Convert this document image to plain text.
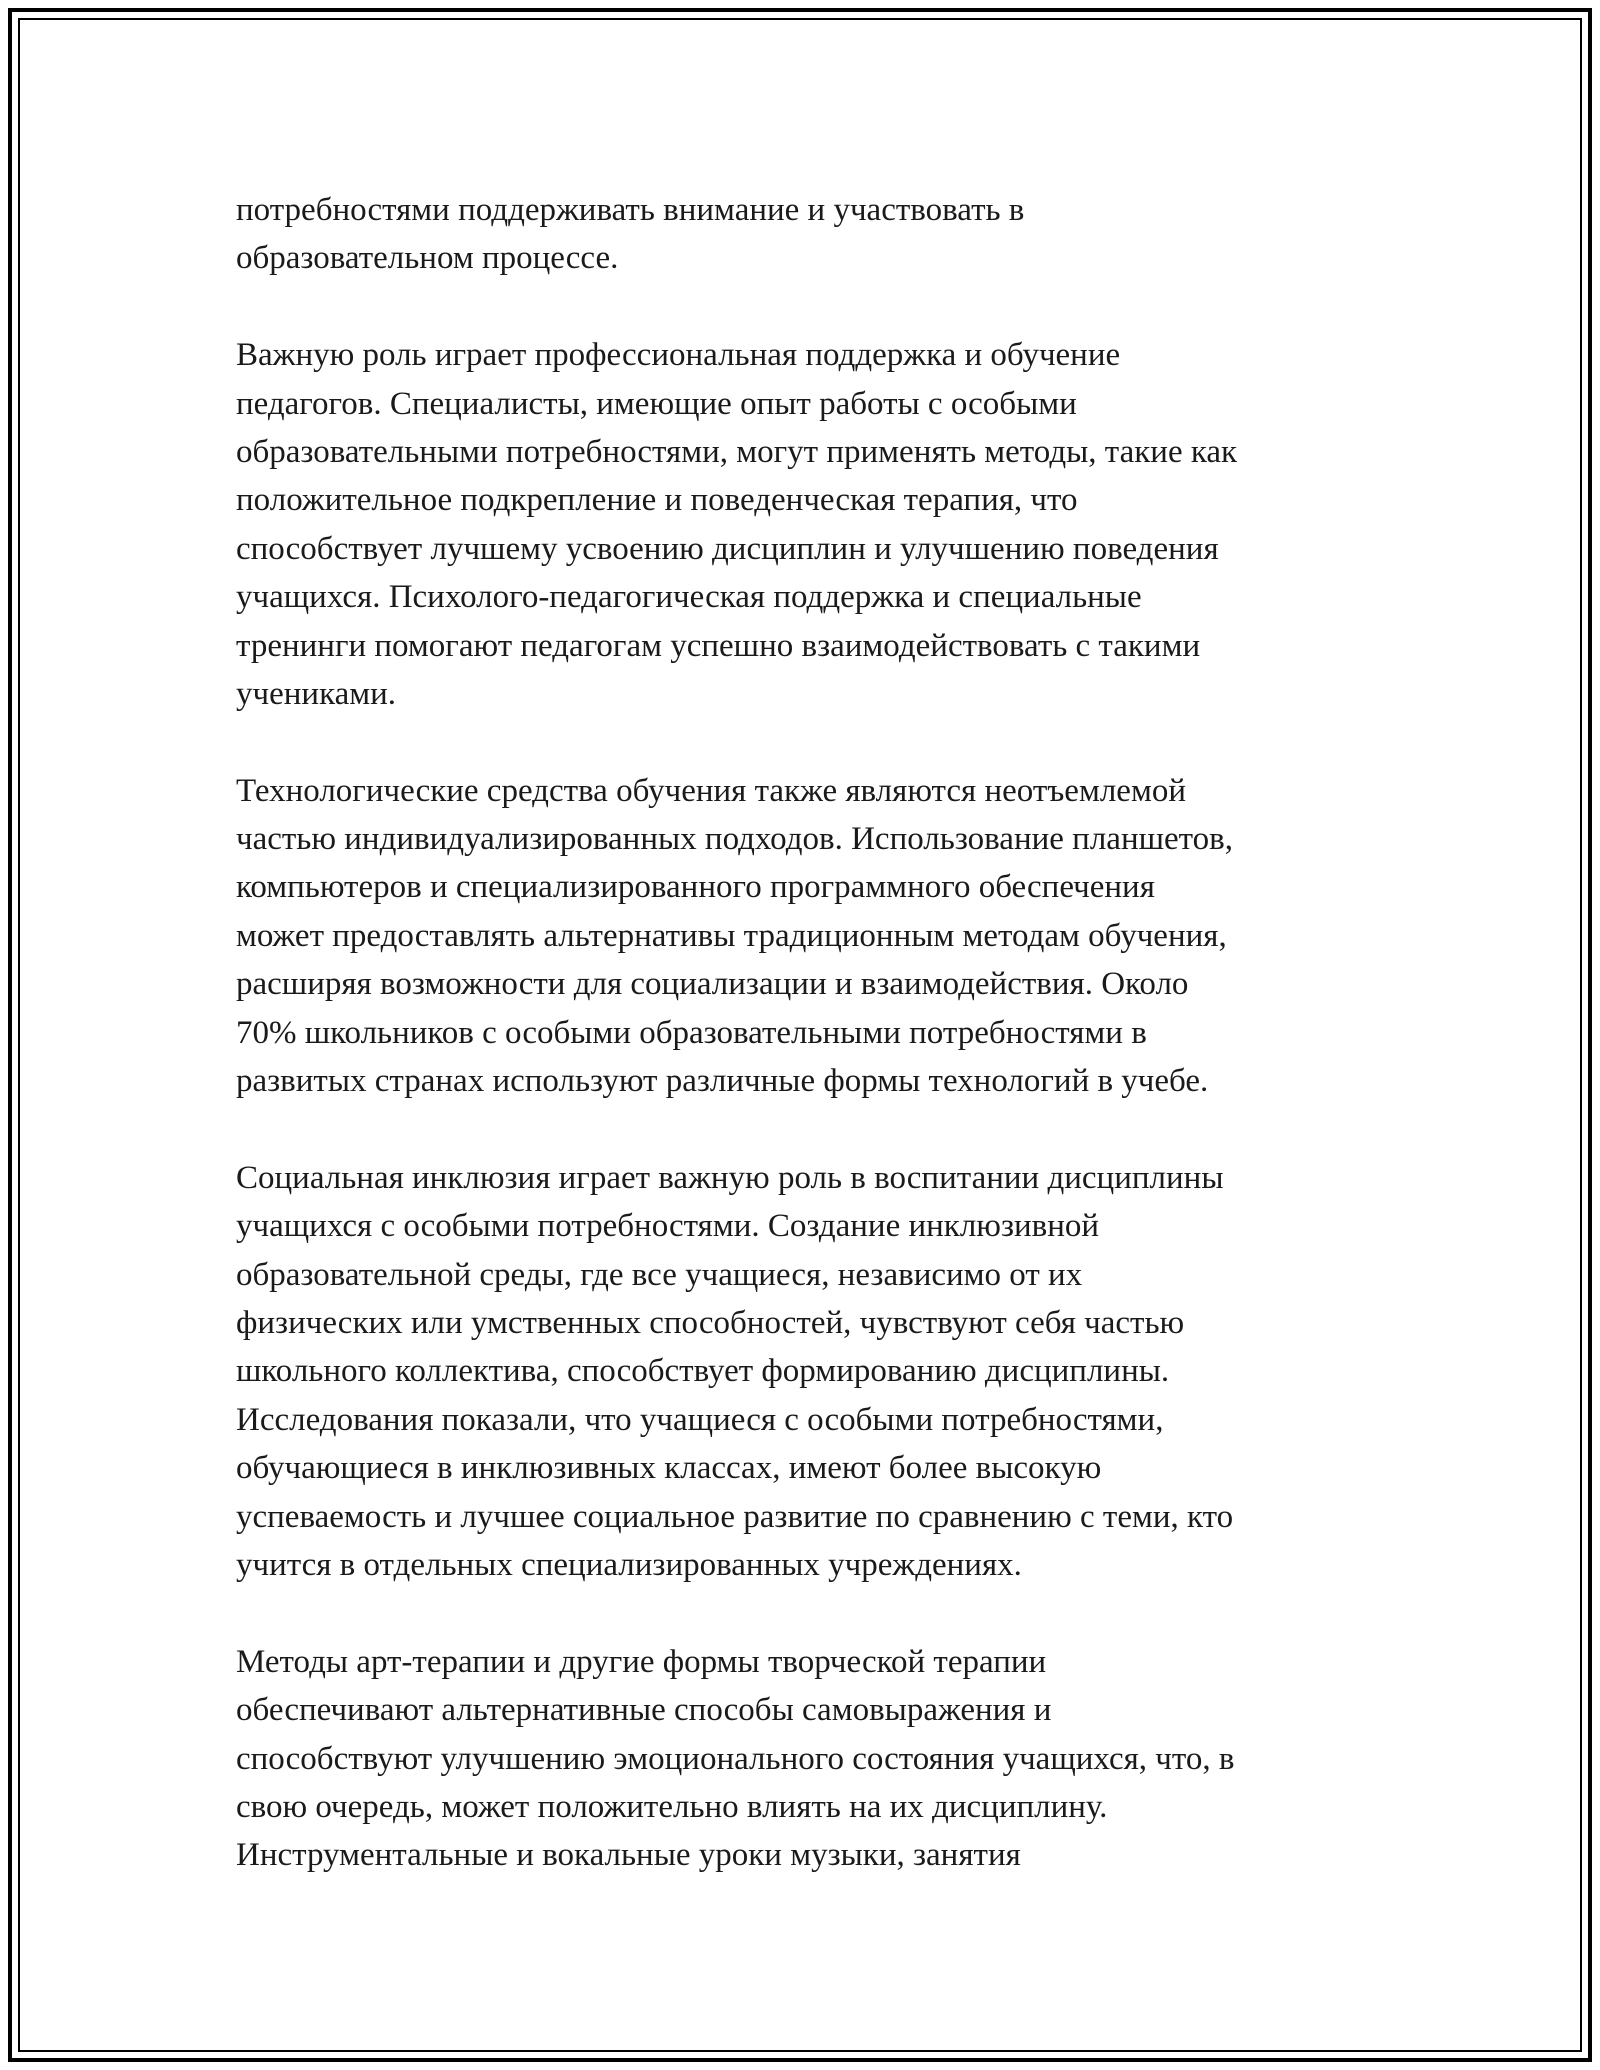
потребностями поддерживать внимание и участвовать в
образовательном процессе.
Важную роль играет профессиональная поддержка и обучение
педагогов. Специалисты, имеющие опыт работы с особыми
образовательными потребностями, могут применять методы, такие как
положительное подкрепление и поведенческая терапия, что
способствует лучшему усвоению дисциплин и улучшению поведения
учащихся. Психолого-педагогическая поддержка и специальные
тренинги помогают педагогам успешно взаимодействовать с такими
учениками.
Технологические средства обучения также являются неотъемлемой
частью индивидуализированных подходов. Использование планшетов,
компьютеров и специализированного программного обеспечения
может предоставлять альтернативы традиционным методам обучения,
расширяя возможности для социализации и взаимодействия. Около
70% школьников с особыми образовательными потребностями в
развитых странах используют различные формы технологий в учебе.
Социальная инклюзия играет важную роль в воспитании дисциплины
учащихся с особыми потребностями. Создание инклюзивной
образовательной среды, где все учащиеся, независимо от их
физических или умственных способностей, чувствуют себя частью
школьного коллектива, способствует формированию дисциплины.
Исследования показали, что учащиеся с особыми потребностями,
обучающиеся в инклюзивных классах, имеют более высокую
успеваемость и лучшее социальное развитие по сравнению с теми, кто
учится в отдельных специализированных учреждениях.
Методы арт-терапии и другие формы творческой терапии
обеспечивают альтернативные способы самовыражения и
способствуют улучшению эмоционального состояния учащихся, что, в
свою очередь, может положительно влиять на их дисциплину.
Инструментальные и вокальные уроки музыки, занятия
